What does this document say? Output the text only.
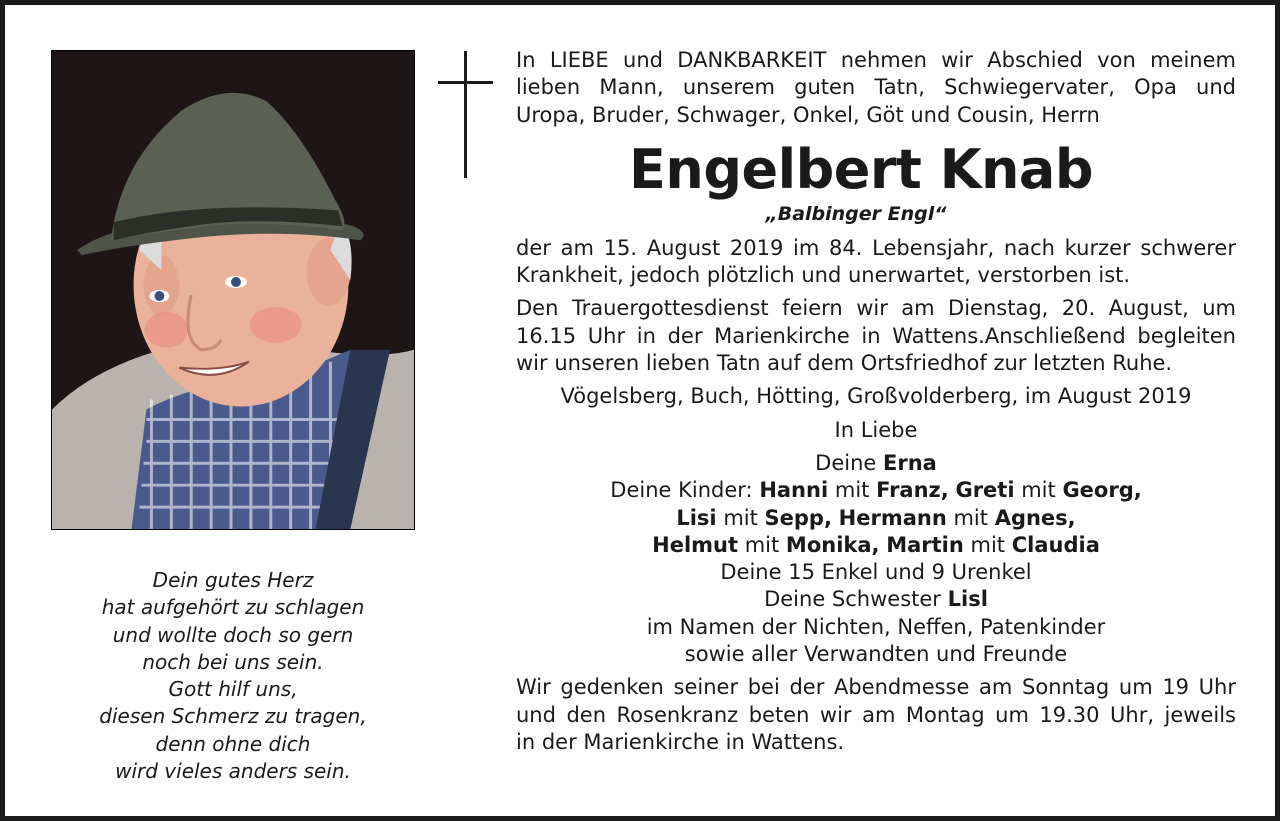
Dein gutes Herz
hat aufgehört zu schlagen
und wollte doch so gern
noch bei uns sein.
Gott hilf uns,
diesen Schmerz zu tragen,
denn ohne dich
wird vieles anders sein.
In LIEBE und DANKBARKEIT nehmen wir Abschied von meinem
lieben Mann, unserem guten Tatn, Schwiegervater, Opa und
Uropa, Bruder, Schwager, Onkel, Göt und Cousin, Herrn
Engelbert Knab
„Balbinger Engl“
der am 15. August 2019 im 84. Lebensjahr, nach kurzer schwerer
Krankheit, jedoch plötzlich und unerwartet, verstorben ist.
Den Trauergottesdienst feiern wir am Dienstag, 20. August, um
16.15 Uhr in der Marienkirche in Wattens.Anschließend begleiten
wir unseren lieben Tatn auf dem Ortsfriedhof zur letzten Ruhe.
Vögelsberg, Buch, Hötting, Großvolderberg, im August 2019
In Liebe
Deine Erna
Deine Kinder: Hanni mit Franz, Greti mit Georg,
Lisi mit Sepp, Hermann mit Agnes,
Helmut mit Monika, Martin mit Claudia
Deine 15 Enkel und 9 Urenkel
Deine Schwester Lisl
im Namen der Nichten, Neffen, Patenkinder
sowie aller Verwandten und Freunde
Wir gedenken seiner bei der Abendmesse am Sonntag um 19 Uhr
und den Rosenkranz beten wir am Montag um 19.30 Uhr, jeweils
in der Marienkirche in Wattens.
